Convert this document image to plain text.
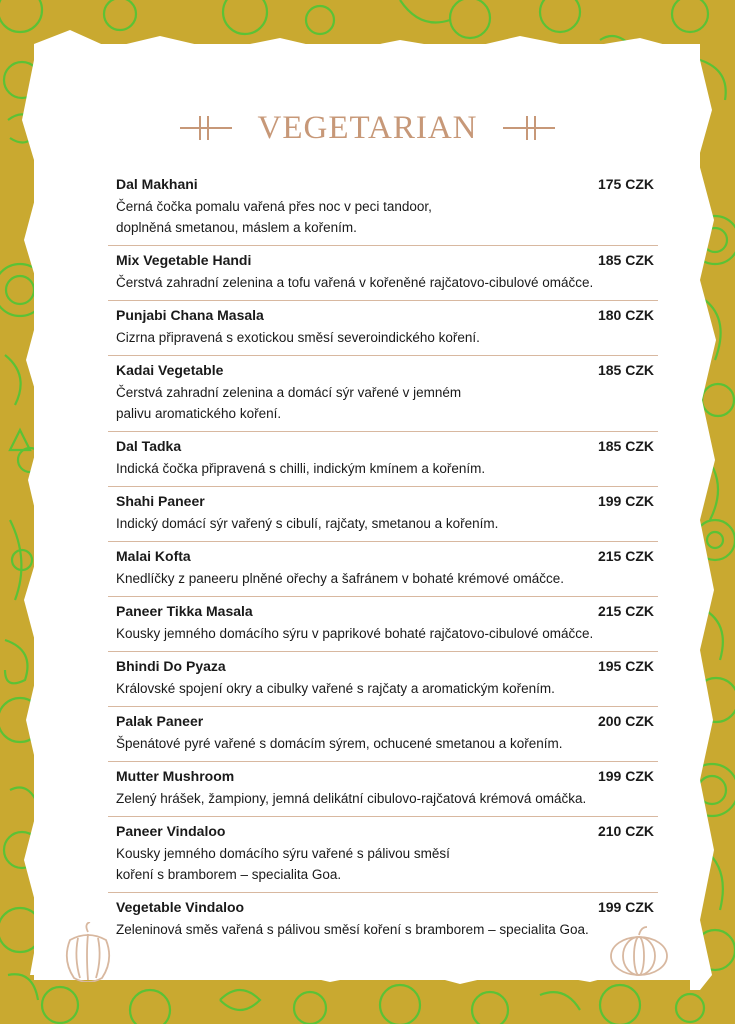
VEGETARIAN
Dal Makhani	175 CZK
Černá čočka pomalu vařená přes noc v peci tandoor,
doplněná smetanou, máslem a kořením.
Mix Vegetable Handi	185 CZK
Čerstvá zahradní zelenina a tofu vařená v kořeněné rajčatovo-cibulové omáčce.
Punjabi Chana Masala	180 CZK
Cizrna připravená s exotickou směsí severoindického koření.
Kadai Vegetable	185 CZK
Čerstvá zahradní zelenina a domácí sýr vařené v jemném
palivu aromatického koření.
Dal Tadka	185 CZK
Indická čočka připravená s chilli, indickým kmínem a kořením.
Shahi Paneer	199 CZK
Indický domácí sýr vařený s cibulí, rajčaty, smetanou a kořením.
Malai Kofta	215 CZK
Knedlíčky z paneeru plněné ořechy a šafránem v bohaté krémové omáčce.
Paneer Tikka Masala	215 CZK
Kousky jemného domácího sýru v paprikové bohaté rajčatovo-cibulové omáčce.
Bhindi Do Pyaza	195 CZK
Královské spojení okry a cibulky vařené s rajčaty a aromatickým kořením.
Palak Paneer	200 CZK
Špenátové pyré vařené s domácím sýrem, ochucené smetanou a kořením.
Mutter Mushroom	199 CZK
Zelený hrášek, žampiony, jemná delikátní cibulovo-rajčatová krémová omáčka.
Paneer Vindaloo	210 CZK
Kousky jemného domácího sýru vařené s pálivou směsí
koření s bramborem – specialita Goa.
Vegetable Vindaloo	199 CZK
Zeleninová směs vařená s pálivou směsí koření s bramborem – specialita Goa.
